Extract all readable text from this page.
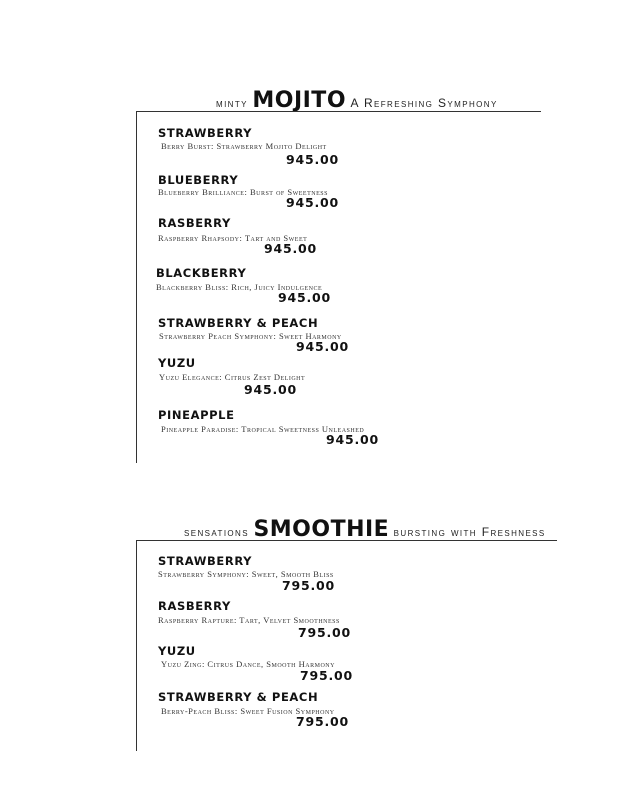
minty MOJITO A Refreshing Symphony
STRAWBERRY
Berry Burst: Strawberry Mojito Delight
945.00
BLUEBERRY
Blueberry Brilliance: Burst of Sweetness
945.00
RASBERRY
Raspberry Rhapsody: Tart and Sweet
945.00
BLACKBERRY
Blackberry Bliss: Rich, Juicy Indulgence
945.00
STRAWBERRY & PEACH
Strawberry Peach Symphony: Sweet Harmony
945.00
YUZU
Yuzu Elegance: Citrus Zest Delight
945.00
PINEAPPLE
Pineapple Paradise: Tropical Sweetness Unleashed
945.00
sensations SMOOTHIE bursting with Freshness
STRAWBERRY
Strawberry Symphony: Sweet, Smooth Bliss
795.00
RASBERRY
Raspberry Rapture: Tart, Velvet Smoothness
795.00
YUZU
Yuzu Zing: Citrus Dance, Smooth Harmony
795.00
STRAWBERRY & PEACH
Berry-Peach Bliss: Sweet Fusion Symphony
795.00
